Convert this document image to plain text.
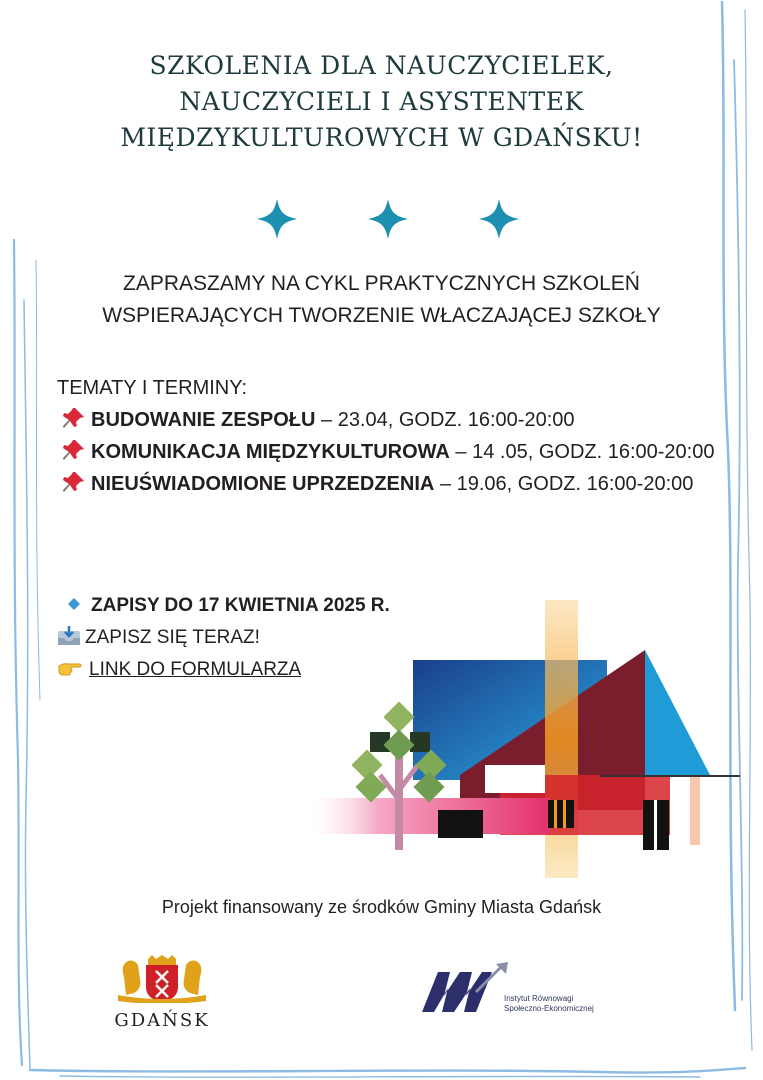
SZKOLENIA DLA NAUCZYCIELEK,
NAUCZYCIELI I ASYSTENTEK
MIĘDZYKULTUROWYCH W GDAŃSKU!
ZAPRASZAMY NA CYKL PRAKTYCZNYCH SZKOLEŃ
WSPIERAJĄCYCH TWORZENIE WŁACZAJĄCEJ SZKOŁY
TEMATY I TERMINY:
BUDOWANIE ZESPOŁU – 23.04, GODZ. 16:00-20:00
KOMUNIKACJA MIĘDZYKULTUROWA – 14 .05, GODZ. 16:00-20:00
NIEUŚWIADOMIONE UPRZEDZENIA – 19.06, GODZ. 16:00-20:00
ZAPISY DO 17 KWIETNIA 2025 R.
ZAPISZ SIĘ TERAZ!
LINK DO FORMULARZA
Projekt finansowany ze środków Gminy Miasta Gdańsk
GDAŃSK
Instytut Równowagi
Społeczno-Ekonomicznej
